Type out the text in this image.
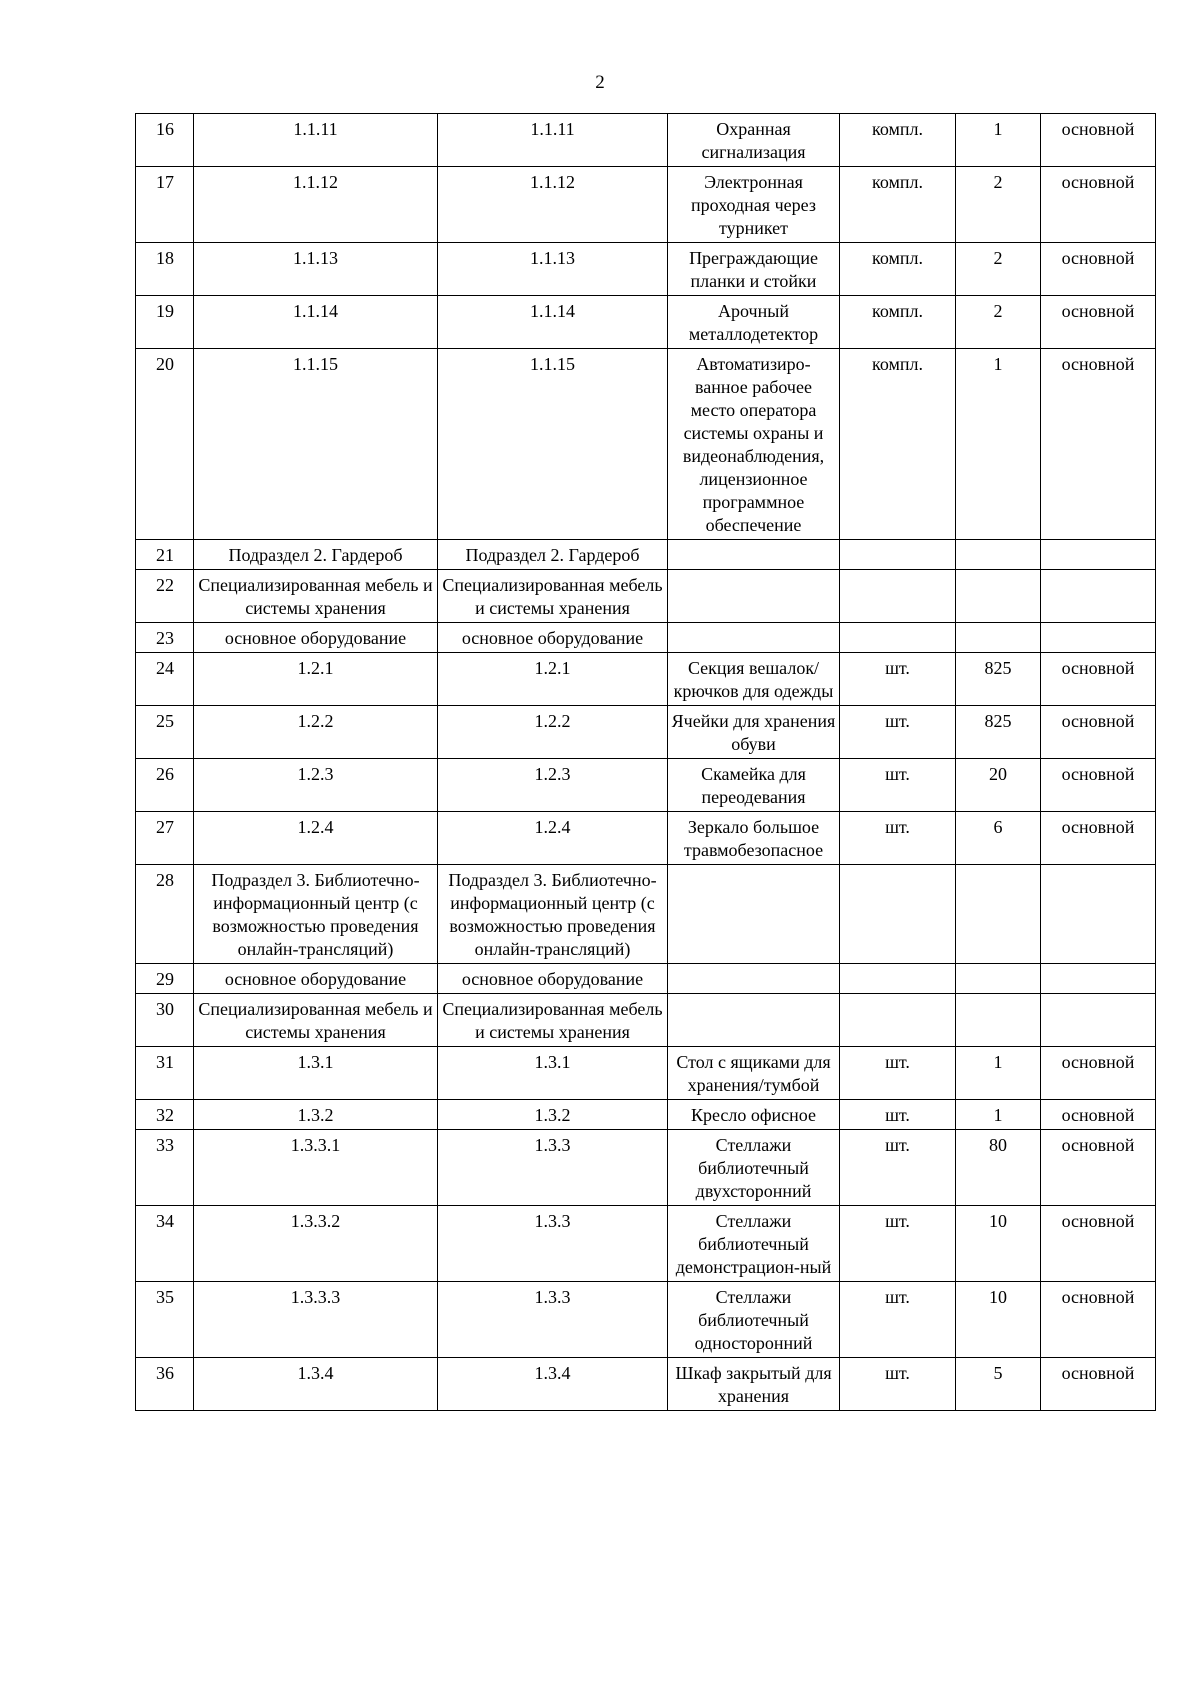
2
16	1.1.11	1.1.11	Охранная сигнализация	компл.	1	основной
17	1.1.12	1.1.12	Электронная проходная через турникет	компл.	2	основной
18	1.1.13	1.1.13	Преграждающие планки и стойки	компл.	2	основной
19	1.1.14	1.1.14	Арочный металлодетектор	компл.	2	основной
20	1.1.15	1.1.15	Автоматизиро-ванное рабочее место оператора системы охраны и видеонаблюдения, лицензионное программное обеспечение	компл.	1	основной
21	Подраздел 2. Гардероб	Подраздел 2. Гардероб				
22	Специализированная мебель и системы хранения	Специализированная мебель и системы хранения				
23	основное оборудование	основное оборудование				
24	1.2.1	1.2.1	Секция вешалок/крючков для одежды	шт.	825	основной
25	1.2.2	1.2.2	Ячейки для хранения обуви	шт.	825	основной
26	1.2.3	1.2.3	Скамейка для переодевания	шт.	20	основной
27	1.2.4	1.2.4	Зеркало большое травмобезопасное	шт.	6	основной
28	Подраздел 3. Библиотечно-информационный центр (с возможностью проведения онлайн-трансляций)	Подраздел 3. Библиотечно-информационный центр (с возможностью проведения онлайн-трансляций)				
29	основное оборудование	основное оборудование				
30	Специализированная мебель и системы хранения	Специализированная мебель и системы хранения				
31	1.3.1	1.3.1	Стол с ящиками для хранения/тумбой	шт.	1	основной
32	1.3.2	1.3.2	Кресло офисное	шт.	1	основной
33	1.3.3.1	1.3.3	Стеллажи библиотечный двухсторонний	шт.	80	основной
34	1.3.3.2	1.3.3	Стеллажи библиотечный демонстрацион-ный	шт.	10	основной
35	1.3.3.3	1.3.3	Стеллажи библиотечный односторонний	шт.	10	основной
36	1.3.4	1.3.4	Шкаф закрытый для хранения	шт.	5	основной
